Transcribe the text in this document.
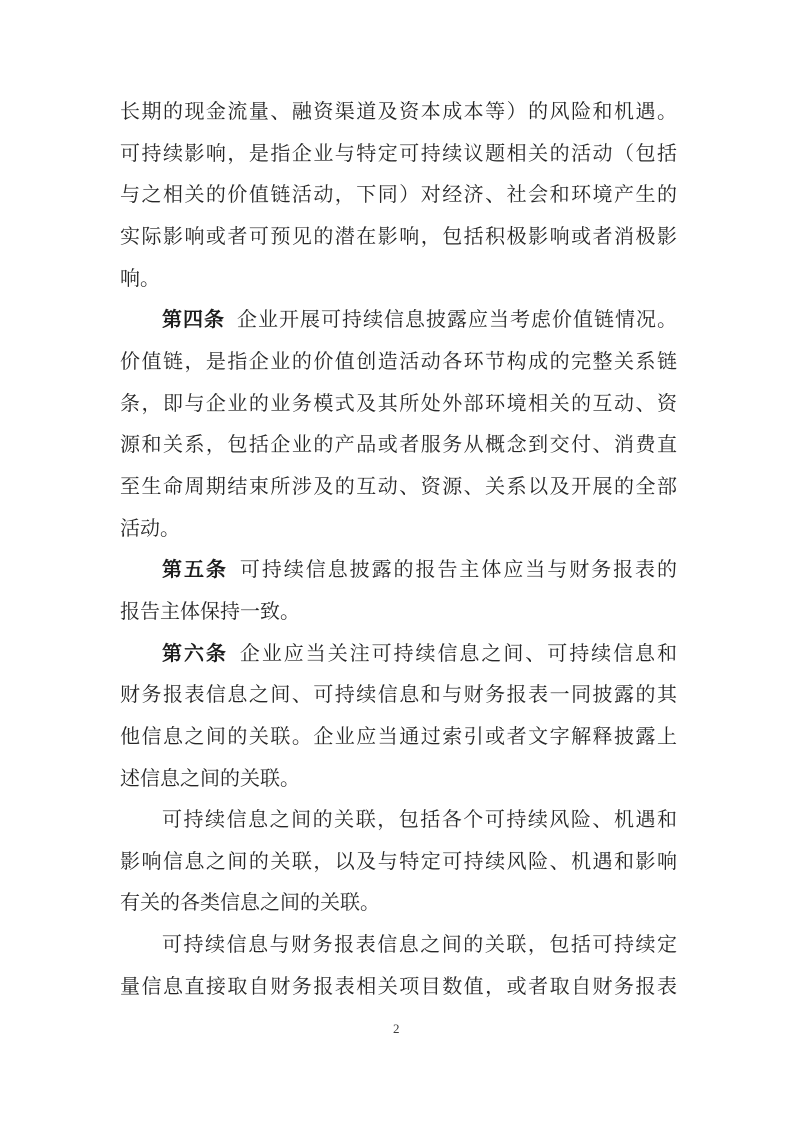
长期的现金流量、融资渠道及资本成本等）的风险和机遇。
可持续影响，是指企业与特定可持续议题相关的活动（包括
与之相关的价值链活动，下同）对经济、社会和环境产生的
实际影响或者可预见的潜在影响，包括积极影响或者消极影
响。
第四条 企业开展可持续信息披露应当考虑价值链情况。
价值链，是指企业的价值创造活动各环节构成的完整关系链
条，即与企业的业务模式及其所处外部环境相关的互动、资
源和关系，包括企业的产品或者服务从概念到交付、消费直
至生命周期结束所涉及的互动、资源、关系以及开展的全部
活动。
第五条 可持续信息披露的报告主体应当与财务报表的
报告主体保持一致。
第六条 企业应当关注可持续信息之间、可持续信息和
财务报表信息之间、可持续信息和与财务报表一同披露的其
他信息之间的关联。企业应当通过索引或者文字解释披露上
述信息之间的关联。
可持续信息之间的关联，包括各个可持续风险、机遇和
影响信息之间的关联，以及与特定可持续风险、机遇和影响
有关的各类信息之间的关联。
可持续信息与财务报表信息之间的关联，包括可持续定
量信息直接取自财务报表相关项目数值，或者取自财务报表
2
